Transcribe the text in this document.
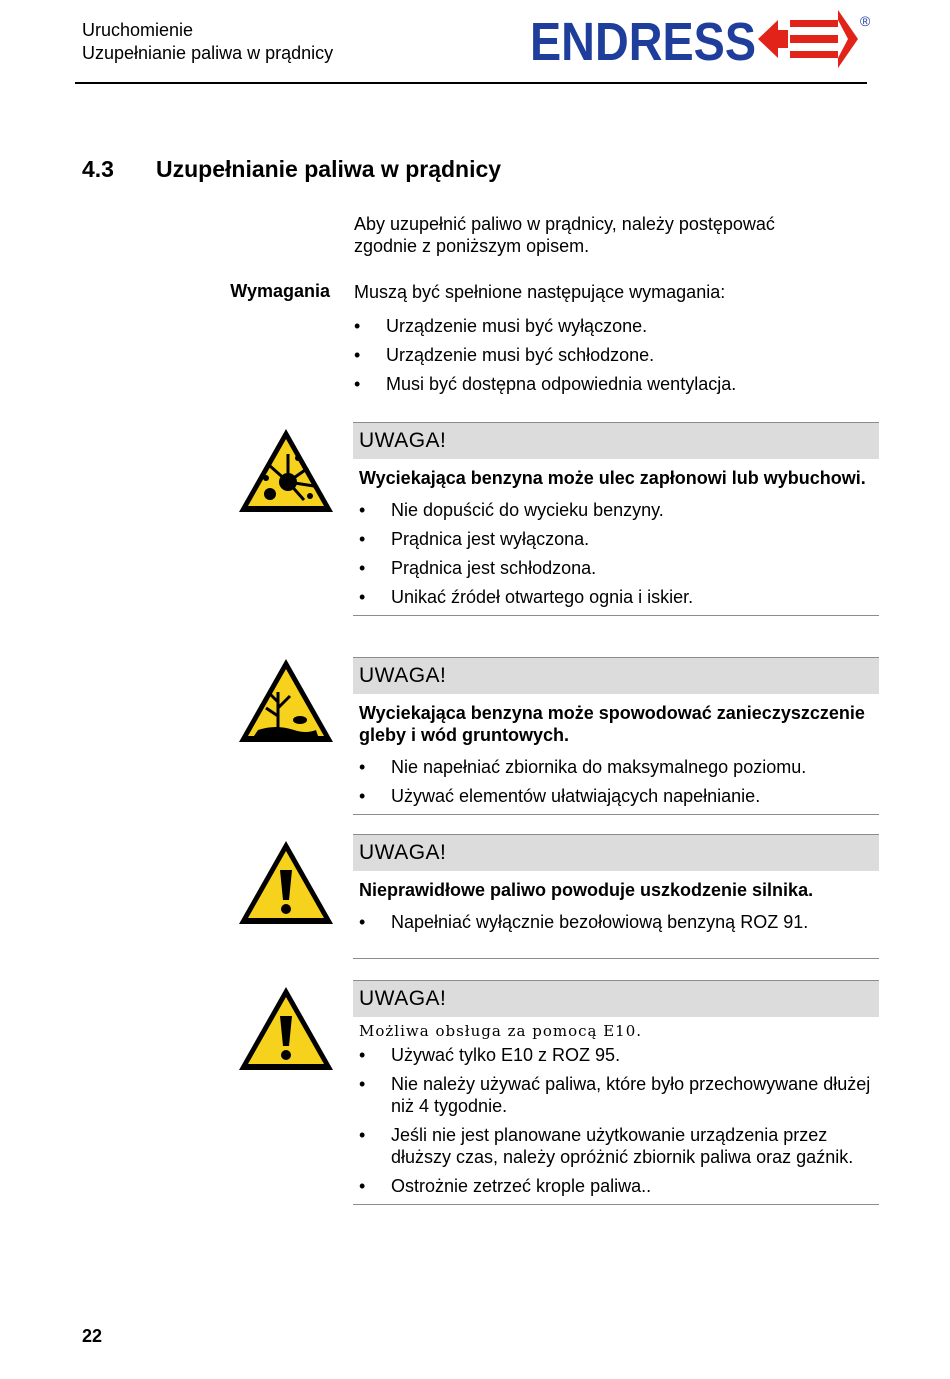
Uruchomienie
Uzupełnianie paliwa w prądnicy	ENDRESS	®
4.3 Uzupełnianie paliwa w prądnicy
Aby uzupełnić paliwo w prądnicy, należy postępować zgodnie z poniższym opisem.
Wymagania Muszą być spełnione następujące wymagania:
• Urządzenie musi być wyłączone.
• Urządzenie musi być schłodzone.
• Musi być dostępna odpowiednia wentylacja.
UWAGA!
Wyciekająca benzyna może ulec zapłonowi lub wybuchowi.
• Nie dopuścić do wycieku benzyny.
• Prądnica jest wyłączona.
• Prądnica jest schłodzona.
• Unikać źródeł otwartego ognia i iskier.
UWAGA!
Wyciekająca benzyna może spowodować zanieczyszczenie gleby i wód gruntowych.
• Nie napełniać zbiornika do maksymalnego poziomu.
• Używać elementów ułatwiających napełnianie.
UWAGA!
Nieprawidłowe paliwo powoduje uszkodzenie silnika.
• Napełniać wyłącznie bezołowiową benzyną ROZ 91.
UWAGA!
Możliwa obsługa za pomocą E10.
• Używać tylko E10 z ROZ 95.
• Nie należy używać paliwa, które było przechowywane dłużej niż 4 tygodnie.
• Jeśli nie jest planowane użytkowanie urządzenia przez dłuższy czas, należy opróżnić zbiornik paliwa oraz gaźnik.
• Ostrożnie zetrzeć krople paliwa..
22
